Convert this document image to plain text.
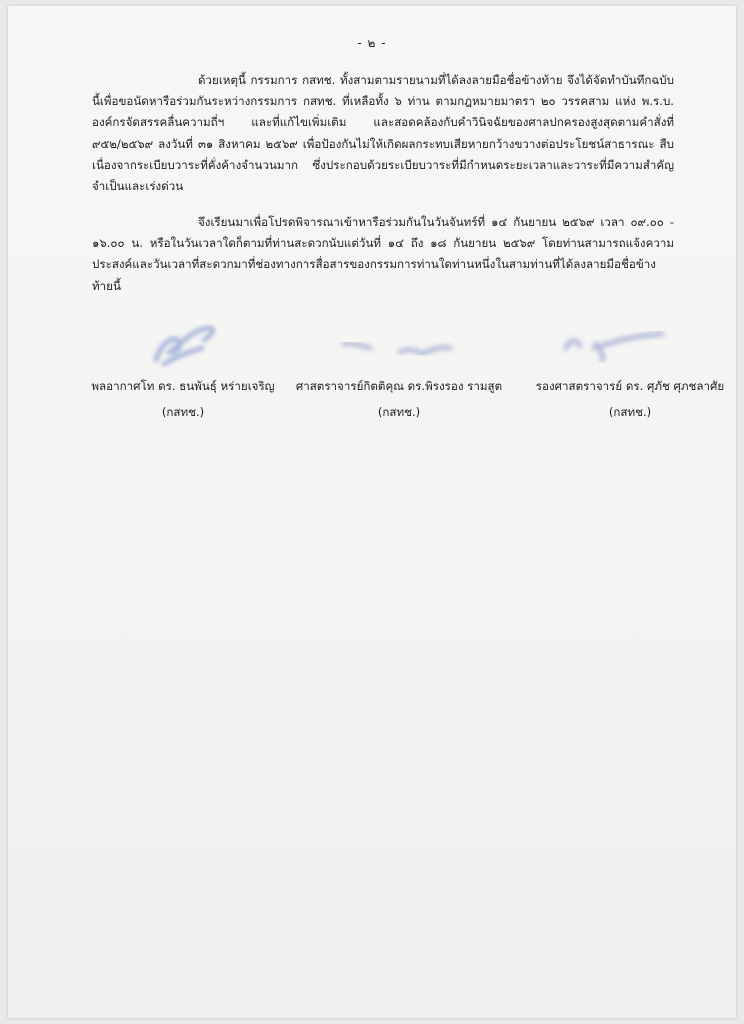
- ๒ -

ด้วยเหตุนี้ กรรมการ กสทช. ทั้งสามตามรายนามที่ได้ลงลายมือชื่อข้างท้าย จึงได้จัดทำบันทึกฉบับนี้เพื่อขอนัดหารือร่วมกันระหว่างกรรมการ กสทช. ที่เหลือทั้ง ๖ ท่าน ตามกฎหมายมาตรา ๒๐ วรรคสาม แห่ง พ.ร.บ. องค์กรจัดสรรคลื่นความถี่ฯ และที่แก้ไขเพิ่มเติม และสอดคล้องกับคำวินิจฉัยของศาลปกครองสูงสุดตามคำสั่งที่ ๙๕๒/๒๕๖๙ ลงวันที่ ๓๑ สิงหาคม ๒๕๖๙ เพื่อป้องกันไม่ให้เกิดผลกระทบเสียหายกว้างขวางต่อประโยชน์สาธารณะ สืบเนื่องจากระเบียบวาระที่คั่งค้างจำนวนมาก ซึ่งประกอบด้วยระเบียบวาระที่มีกำหนดระยะเวลาและวาระที่มีความสำคัญ จำเป็นและเร่งด่วน

จึงเรียนมาเพื่อโปรดพิจารณาเข้าหารือร่วมกันในวันจันทร์ที่ ๑๔ กันยายน ๒๕๖๙ เวลา ๐๙.๐๐ - ๑๖.๐๐ น. หรือในวันเวลาใดก็ตามที่ท่านสะดวกนับแต่วันที่ ๑๔ ถึง ๑๘ กันยายน ๒๕๖๙ โดยท่านสามารถแจ้งความประสงค์และวันเวลาที่สะดวกมาที่ช่องทางการสื่อสารของกรรมการท่านใดท่านหนึ่งในสามท่านที่ได้ลงลายมือชื่อข้างท้ายนี้

พลอากาศโท ดร. ธนพันธุ์ หร่ายเจริญ
(กสทช.)
ศาสตราจารย์กิตติคุณ ดร.พิรงรอง รามสูต
(กสทช.)
รองศาสตราจารย์ ดร. ศุภัช ศุภชลาศัย
(กสทช.)
